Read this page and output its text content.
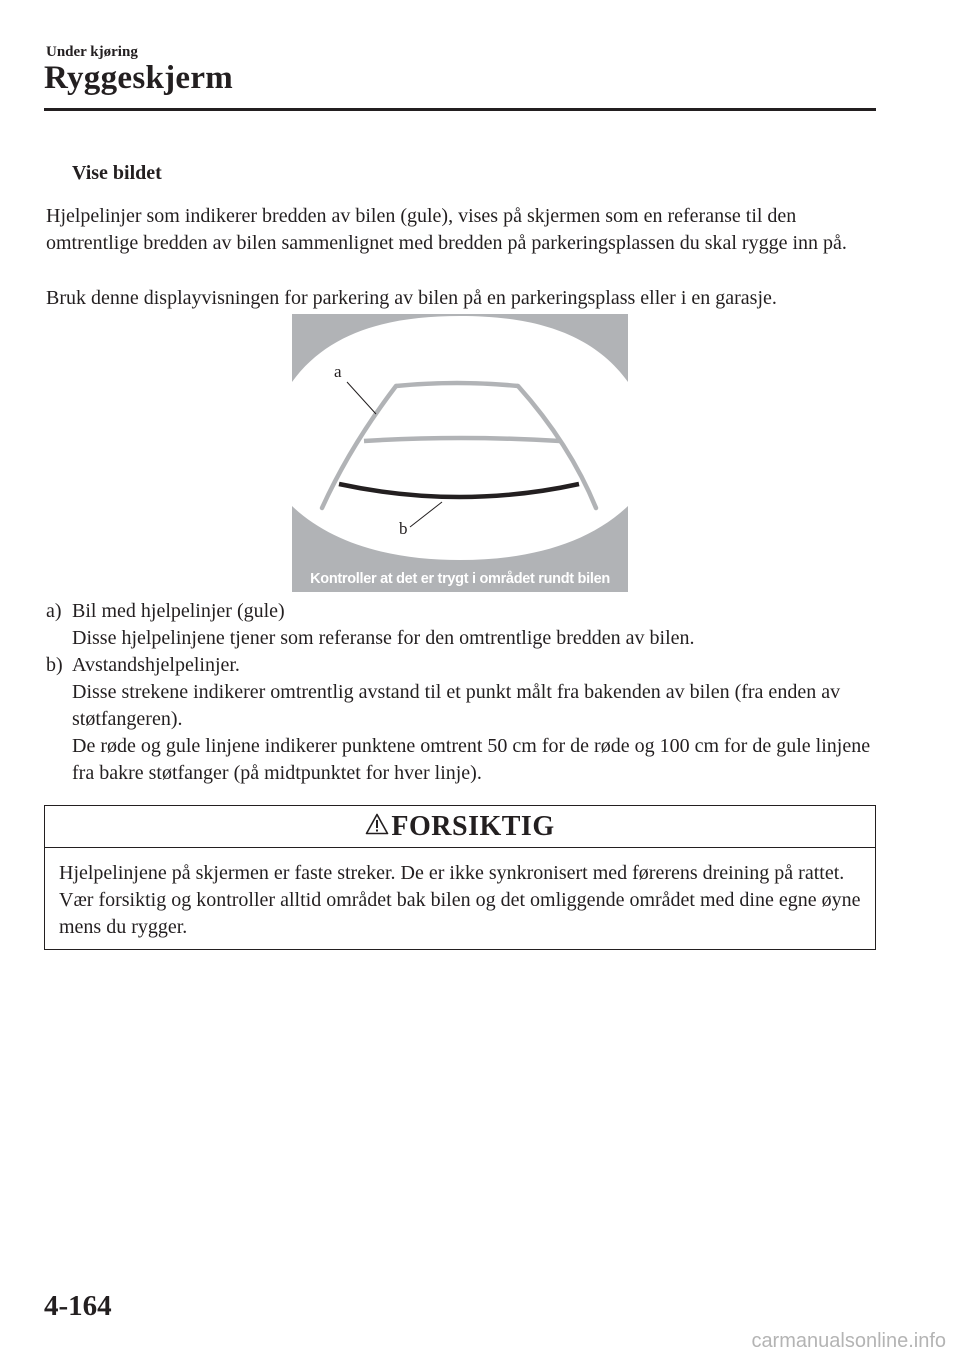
Under kjøring
Ryggeskjerm
Vise bildet

Hjelpelinjer som indikerer bredden av bilen (gule), vises på skjermen som en referanse til den omtrentlige bredden av bilen sammenlignet med bredden på parkeringsplassen du skal rygge inn på.

Bruk denne displayvisningen for parkering av bilen på en parkeringsplass eller i en garasje.

a
b
Kontroller at det er trygt i området rundt bilen
a) Bil med hjelpelinjer (gule)
Disse hjelpelinjene tjener som referanse for den omtrentlige bredden av bilen.
b) Avstandshjelpelinjer.
Disse strekene indikerer omtrentlig avstand til et punkt målt fra bakenden av bilen (fra enden av støtfangeren).
De røde og gule linjene indikerer punktene omtrent 50 cm for de røde og 100 cm for de gule linjene fra bakre støtfanger (på midtpunktet for hver linje).
FORSIKTIG

Hjelpelinjene på skjermen er faste streker. De er ikke synkronisert med førerens dreining på rattet. Vær forsiktig og kontroller alltid området bak bilen og det omliggende området med dine egne øyne mens du rygger.

4-164
carmanualsonline.info
